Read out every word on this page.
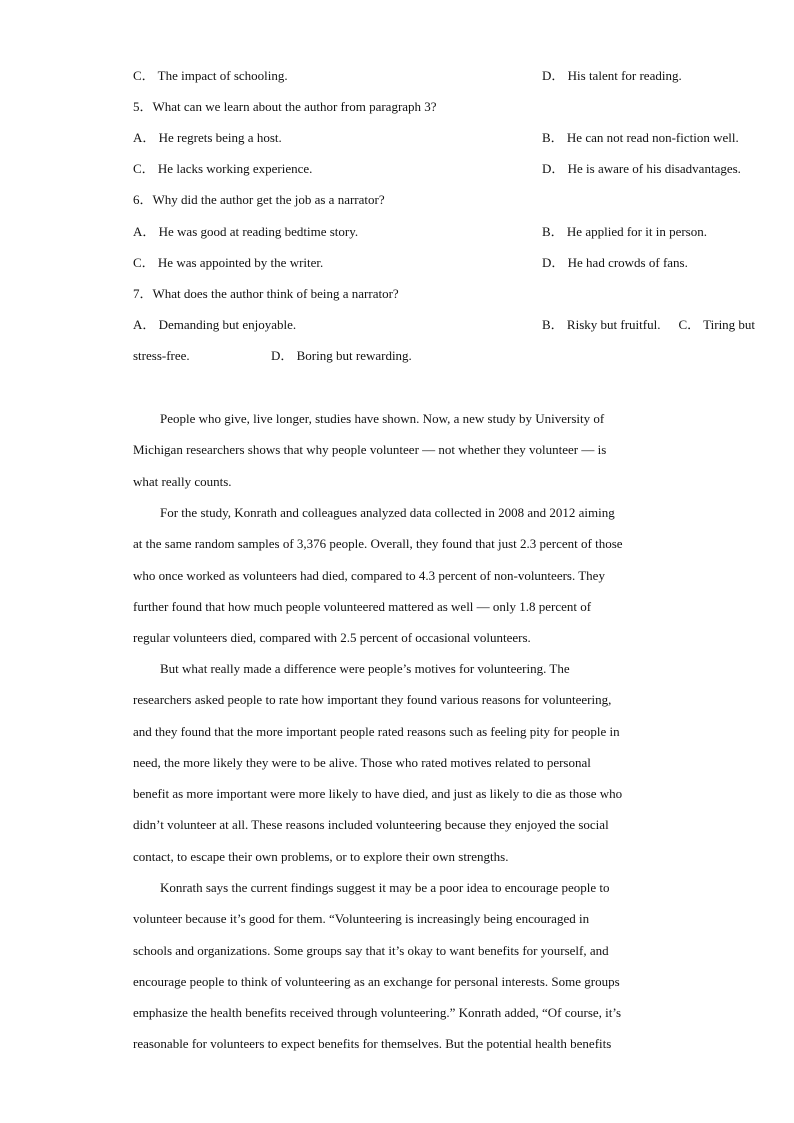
C． The impact of schooling.	D． His talent for reading.
5．What can we learn about the author from paragraph 3?
A． He regrets being a host.	B． He can not read non-fiction well.
C． He lacks working experience.	D． He is aware of his disadvantages.
6．Why did the author get the job as a narrator?
A． He was good at reading bedtime story.	B． He applied for it in person.
C． He was appointed by the writer.	D． He had crowds of fans.
7．What does the author think of being a narrator?
A． Demanding but enjoyable.	B． Risky but fruitful. C． Tiring but
stress-free.	D． Boring but rewarding.
People who give, live longer, studies have shown. Now, a new study by University of
Michigan researchers shows that why people volunteer — not whether they volunteer — is
what really counts.
For the study, Konrath and colleagues analyzed data collected in 2008 and 2012 aiming
at the same random samples of 3,376 people. Overall, they found that just 2.3 percent of those
who once worked as volunteers had died, compared to 4.3 percent of non-volunteers. They
further found that how much people volunteered mattered as well — only 1.8 percent of
regular volunteers died, compared with 2.5 percent of occasional volunteers.
But what really made a difference were people’s motives for volunteering. The
researchers asked people to rate how important they found various reasons for volunteering,
and they found that the more important people rated reasons such as feeling pity for people in
need, the more likely they were to be alive. Those who rated motives related to personal
benefit as more important were more likely to have died, and just as likely to die as those who
didn’t volunteer at all. These reasons included volunteering because they enjoyed the social
contact, to escape their own problems, or to explore their own strengths.
Konrath says the current findings suggest it may be a poor idea to encourage people to
volunteer because it’s good for them. “Volunteering is increasingly being encouraged in
schools and organizations. Some groups say that it’s okay to want benefits for yourself, and
encourage people to think of volunteering as an exchange for personal interests. Some groups
emphasize the health benefits received through volunteering.” Konrath added, “Of course, it’s
reasonable for volunteers to expect benefits for themselves. But the potential health benefits
